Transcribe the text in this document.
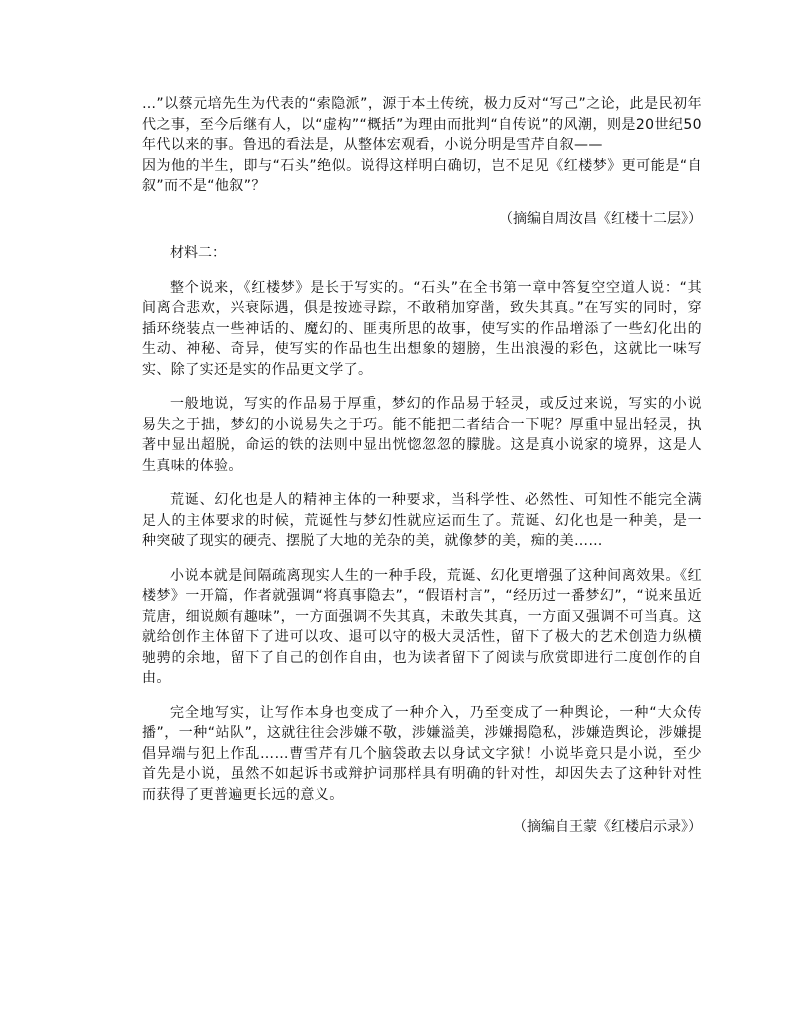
…”以蔡元培先生为代表的“索隐派”，源于本土传统，极力反对“写己”之论，此是民初年代之事，至今后继有人，以“虚构”“概括”为理由而批判“自传说”的风潮，则是20世纪50年代以来的事。鲁迅的看法是，从整体宏观看，小说分明是雪芹自叙——

因为他的半生，即与“石头”绝似。说得这样明白确切，岂不足见《红楼梦》更可能是“自叙”而不是“他叙”？

（摘编自周汝昌《红楼十二层》）

材料二：

整个说来，《红楼梦》是长于写实的。“石头”在全书第一章中答复空空道人说：“其间离合悲欢，兴衰际遇，俱是按迹寻踪，不敢稍加穿凿，致失其真。”在写实的同时，穿插环绕装点一些神话的、魔幻的、匪夷所思的故事，使写实的作品增添了一些幻化出的生动、神秘、奇异，使写实的作品也生出想象的翅膀，生出浪漫的彩色，这就比一味写实、除了实还是实的作品更文学了。

一般地说，写实的作品易于厚重，梦幻的作品易于轻灵，或反过来说，写实的小说易失之于拙，梦幻的小说易失之于巧。能不能把二者结合一下呢？厚重中显出轻灵，执著中显出超脱，命运的铁的法则中显出恍惚忽忽的朦胧。这是真小说家的境界，这是人生真味的体验。

荒诞、幻化也是人的精神主体的一种要求，当科学性、必然性、可知性不能完全满足人的主体要求的时候，荒诞性与梦幻性就应运而生了。荒诞、幻化也是一种美，是一种突破了现实的硬壳、摆脱了大地的羌杂的美，就像梦的美，痴的美……

小说本就是间隔疏离现实人生的一种手段，荒诞、幻化更增强了这种间离效果。《红楼梦》一开篇，作者就强调“将真事隐去”，“假语村言”，“经历过一番梦幻”，“说来虽近荒唐，细说颇有趣味”，一方面强调不失其真，未敢失其真，一方面又强调不可当真。这就给创作主体留下了进可以攻、退可以守的极大灵活性，留下了极大的艺术创造力纵横驰骋的余地，留下了自己的创作自由，也为读者留下了阅读与欣赏即进行二度创作的自由。

完全地写实，让写作本身也变成了一种介入，乃至变成了一种舆论，一种“大众传播”，一种“站队”，这就往往会涉嫌不敬，涉嫌溢美，涉嫌揭隐私，涉嫌造舆论，涉嫌提倡异端与犯上作乱……曹雪芹有几个脑袋敢去以身试文字狱！小说毕竟只是小说，至少首先是小说，虽然不如起诉书或辩护词那样具有明确的针对性，却因失去了这种针对性而获得了更普遍更长远的意义。

（摘编自王蒙《红楼启示录》）
